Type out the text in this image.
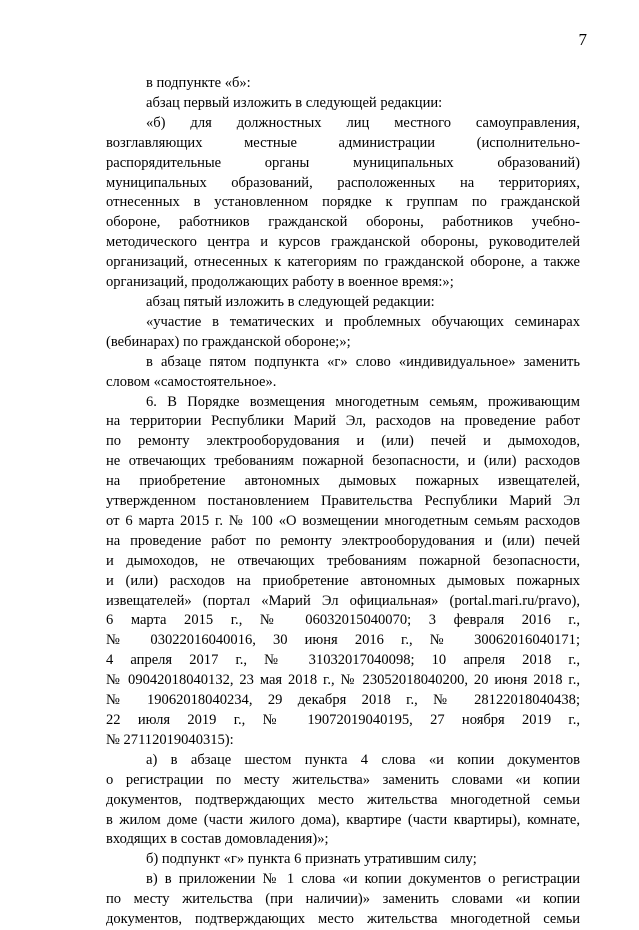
7

в подпункте «б»:

абзац первый изложить в следующей редакции:

«б) для должностных лиц местного самоуправления,

возглавляющих местные администрации (исполнительно-

распорядительные органы муниципальных образований)

муниципальных образований, расположенных на территориях,

отнесенных в установленном порядке к группам по гражданской

обороне, работников гражданской обороны, работников учебно-

методического центра и курсов гражданской обороны, руководителей

организаций, отнесенных к категориям по гражданской обороне, а также

организаций, продолжающих работу в военное время:»;

абзац пятый изложить в следующей редакции:

«участие в тематических и проблемных обучающих семинарах

(вебинарах) по гражданской обороне;»;

в абзаце пятом подпункта «г» слово «индивидуальное» заменить

словом «самостоятельное».

6. В Порядке возмещения многодетным семьям, проживающим

на территории Республики Марий Эл, расходов на проведение работ

по ремонту электрооборудования и (или) печей и дымоходов,

не отвечающих требованиям пожарной безопасности, и (или) расходов

на приобретение автономных дымовых пожарных извещателей,

утвержденном постановлением Правительства Республики Марий Эл

от 6 марта 2015 г. № 100 «О возмещении многодетным семьям расходов

на проведение работ по ремонту электрооборудования и (или) печей

и дымоходов, не отвечающих требованиям пожарной безопасности,

и (или) расходов на приобретение автономных дымовых пожарных

извещателей» (портал «Марий Эл официальная» (portal.mari.ru/pravo),

6 марта 2015 г., № 06032015040070; 3 февраля 2016 г.,

№ 03022016040016, 30 июня 2016 г., № 30062016040171;

4 апреля 2017 г., № 31032017040098; 10 апреля 2018 г.,

№ 09042018040132, 23 мая 2018 г., № 23052018040200, 20 июня 2018 г.,

№ 19062018040234, 29 декабря 2018 г., № 28122018040438;

22 июля 2019 г., № 19072019040195, 27 ноября 2019 г.,

№ 27112019040315):

а) в абзаце шестом пункта 4 слова «и копии документов

о регистрации по месту жительства» заменить словами «и копии

документов, подтверждающих место жительства многодетной семьи

в жилом доме (части жилого дома), квартире (части квартиры), комнате,

входящих в состав домовладения)»;

б) подпункт «г» пункта 6 признать утратившим силу;

в) в приложении № 1 слова «и копии документов о регистрации

по месту жительства (при наличии)» заменить словами «и копии

документов, подтверждающих место жительства многодетной семьи
